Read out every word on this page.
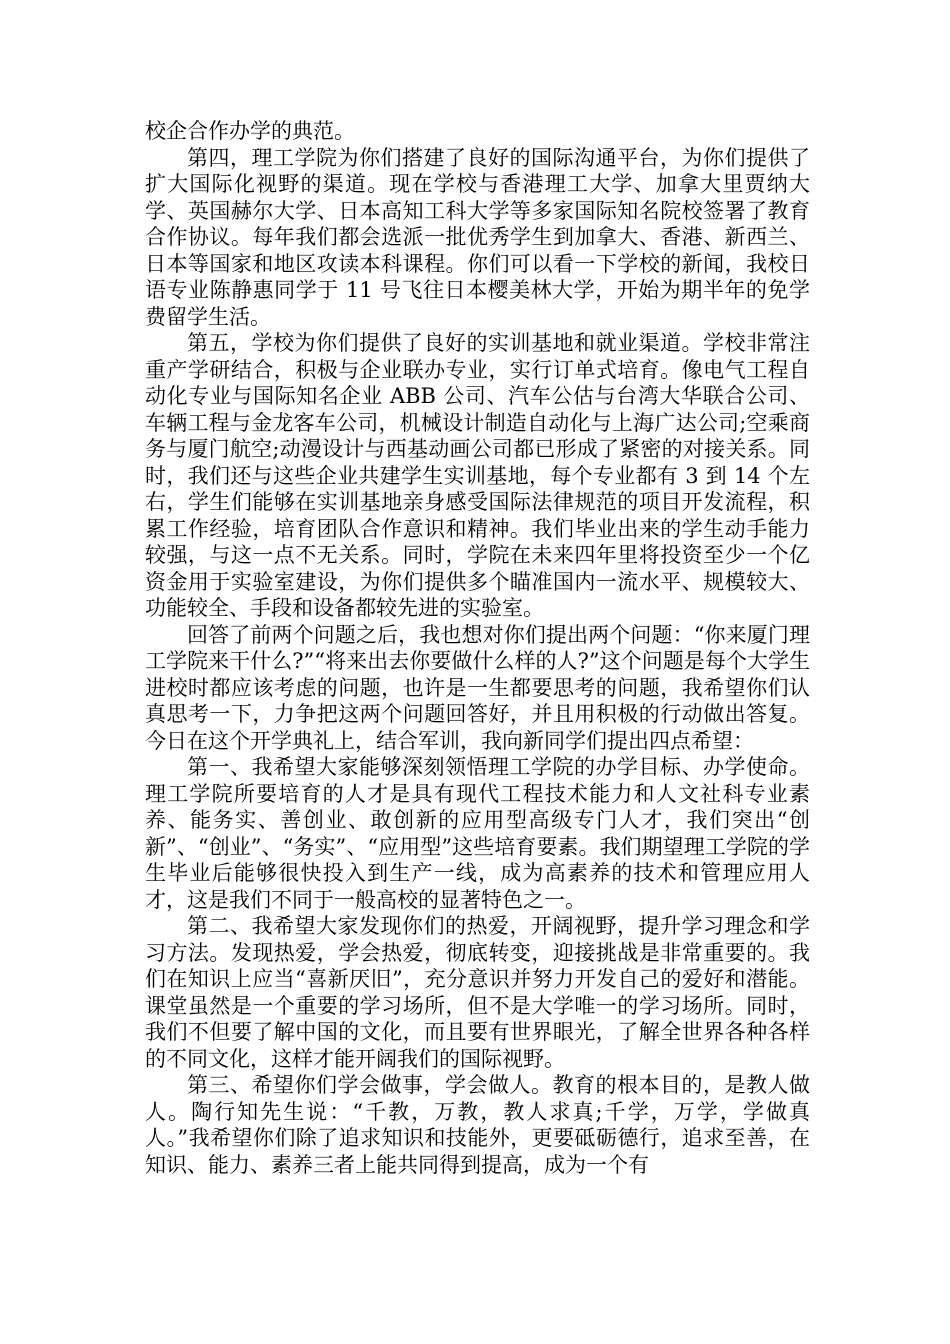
校企合作办学的典范。

第四，理工学院为你们搭建了良好的国际沟通平台，为你们提供了扩大国际化视野的渠道。现在学校与香港理工大学、加拿大里贾纳大学、英国赫尔大学、日本高知工科大学等多家国际知名院校签署了教育合作协议。每年我们都会选派一批优秀学生到加拿大、香港、新西兰、日本等国家和地区攻读本科课程。你们可以看一下学校的新闻，我校日语专业陈静惠同学于 11 号飞往日本樱美林大学，开始为期半年的免学费留学生活。

第五，学校为你们提供了良好的实训基地和就业渠道。学校非常注重产学研结合，积极与企业联办专业，实行订单式培育。像电气工程自动化专业与国际知名企业 ABB 公司、汽车公估与台湾大华联合公司、车辆工程与金龙客车公司，机械设计制造自动化与上海广达公司;空乘商务与厦门航空;动漫设计与西基动画公司都已形成了紧密的对接关系。同时，我们还与这些企业共建学生实训基地，每个专业都有 3 到 14 个左右，学生们能够在实训基地亲身感受国际法律规范的项目开发流程，积累工作经验，培育团队合作意识和精神。我们毕业出来的学生动手能力较强，与这一点不无关系。同时，学院在未来四年里将投资至少一个亿资金用于实验室建设，为你们提供多个瞄准国内一流水平、规模较大、功能较全、手段和设备都较先进的实验室。

回答了前两个问题之后，我也想对你们提出两个问题：“你来厦门理工学院来干什么?”“将来出去你要做什么样的人?”这个问题是每个大学生进校时都应该考虑的问题，也许是一生都要思考的问题，我希望你们认真思考一下，力争把这两个问题回答好，并且用积极的行动做出答复。今日在这个开学典礼上，结合军训，我向新同学们提出四点希望：

第一、我希望大家能够深刻领悟理工学院的办学目标、办学使命。理工学院所要培育的人才是具有现代工程技术能力和人文社科专业素养、能务实、善创业、敢创新的应用型高级专门人才，我们突出“创新”、“创业”、“务实”、“应用型”这些培育要素。我们期望理工学院的学生毕业后能够很快投入到生产一线，成为高素养的技术和管理应用人才，这是我们不同于一般高校的显著特色之一。

第二、我希望大家发现你们的热爱，开阔视野，提升学习理念和学习方法。发现热爱，学会热爱，彻底转变，迎接挑战是非常重要的。我们在知识上应当“喜新厌旧”，充分意识并努力开发自己的爱好和潜能。课堂虽然是一个重要的学习场所，但不是大学唯一的学习场所。同时，我们不但要了解中国的文化，而且要有世界眼光，了解全世界各种各样的不同文化，这样才能开阔我们的国际视野。

第三、希望你们学会做事，学会做人。教育的根本目的，是教人做人。陶行知先生说：“千教，万教，教人求真;千学，万学，学做真人。”我希望你们除了追求知识和技能外，更要砥砺德行，追求至善，在知识、能力、素养三者上能共同得到提高，成为一个有
